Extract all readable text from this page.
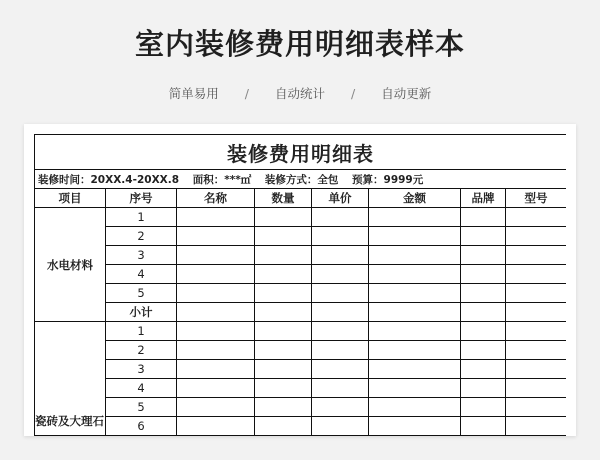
室内装修费用明细表样本
简单易用 / 自动统计 / 自动更新
装修费用明细表							
装修时间：20XX.4-20XX.8 面积：***㎡ 装修方式：全包 预算：9999元							
项目	序号	名称	数量	单价	金额	品牌	型号
水电材料	1						
	2						
	3						
	4						
	5						
	小计						
瓷砖及大理石	1						
	2						
	3						
	4						
	5						
	6						
